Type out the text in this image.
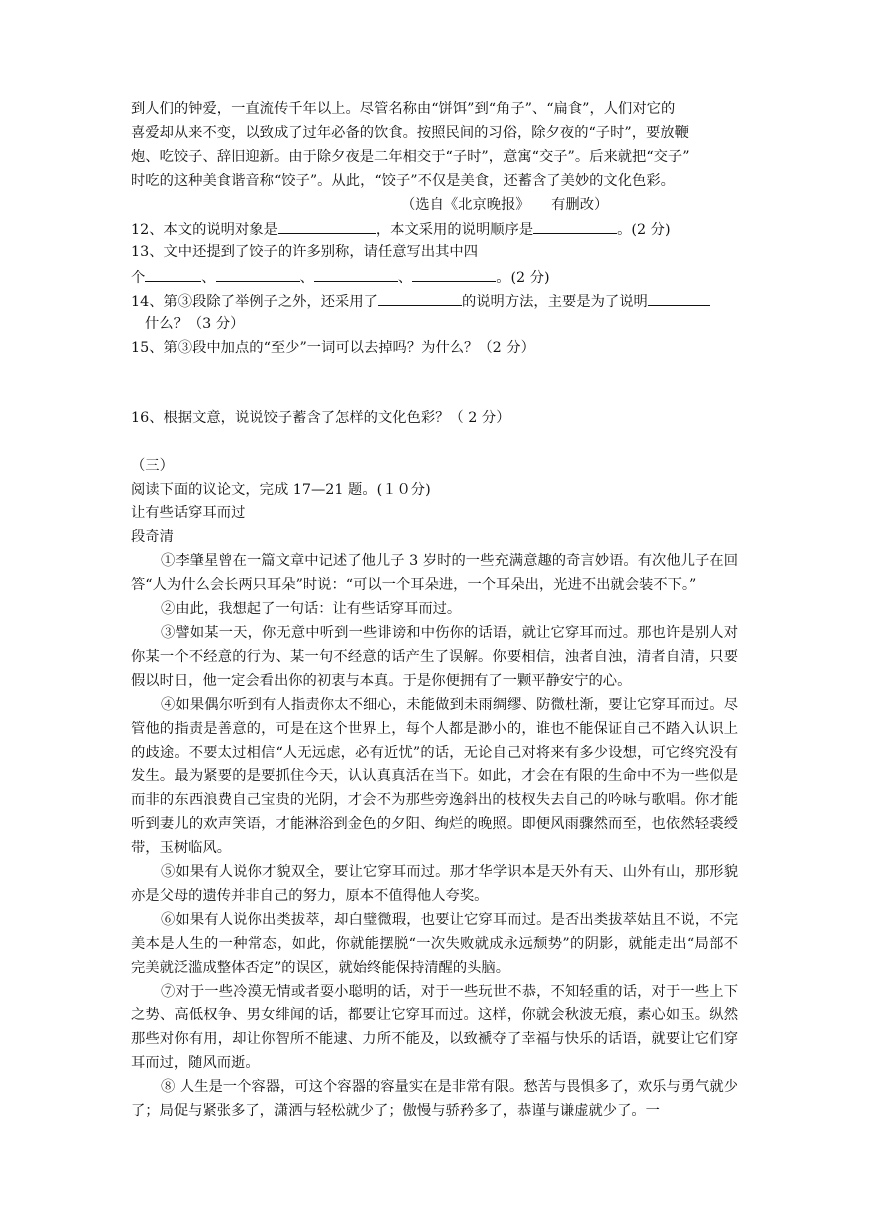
到人们的钟爱，一直流传千年以上。尽管名称由“饼饵”到“角子”、“扁食”，人们对它的
喜爱却从来不变，以致成了过年必备的饮食。按照民间的习俗，除夕夜的“子时”，要放鞭
炮、吃饺子、辞旧迎新。由于除夕夜是二年相交于“子时”，意寓“交子”。后来就把“交子”
时吃的这种美食谐音称“饺子”。从此，“饺子”不仅是美食，还蓄含了美妙的文化色彩。
（选自《北京晚报》　　有删改）
12、本文的说明对象是	，本文采用的说明顺序是	。(2 分)
13、文中还提到了饺子的许多别称，请任意写出其中四
个	、	、	、	。(2 分)
14、第③段除了举例子之外，还采用了	的说明方法，主要是为了说明
什么？（3 分）
15、第③段中加点的“至少”一词可以去掉吗？为什么？（2 分）
16、根据文意，说说饺子蓄含了怎样的文化色彩？（ 2 分）
（三）
阅读下面的议论文，完成 17—21 题。(１０分)
让有些话穿耳而过
段奇清

①李肇星曾在一篇文章中记述了他儿子 3 岁时的一些充满意趣的奇言妙语。有次他儿子在回答“人为什么会长两只耳朵”时说：“可以一个耳朵进，一个耳朵出，光进不出就会装不下。”

②由此，我想起了一句话：让有些话穿耳而过。

③譬如某一天，你无意中听到一些诽谤和中伤你的话语，就让它穿耳而过。那也许是别人对你某一个不经意的行为、某一句不经意的话产生了误解。你要相信，浊者自浊，清者自清，只要假以时日，他一定会看出你的初衷与本真。于是你便拥有了一颗平静安宁的心。

④如果偶尔听到有人指责你太不细心，未能做到未雨绸缪、防微杜渐，要让它穿耳而过。尽管他的指责是善意的，可是在这个世界上，每个人都是渺小的，谁也不能保证自己不踏入认识上的歧途。不要太过相信“人无远虑，必有近忧”的话，无论自己对将来有多少设想，可它终究没有发生。最为紧要的是要抓住今天，认认真真活在当下。如此，才会在有限的生命中不为一些似是而非的东西浪费自己宝贵的光阴，才会不为那些旁逸斜出的枝杈失去自己的吟咏与歌唱。你才能听到妻儿的欢声笑语，才能淋浴到金色的夕阳、绚烂的晚照。即便风雨骤然而至，也依然轻裘绶带，玉树临风。

⑤如果有人说你才貌双全，要让它穿耳而过。那才华学识本是天外有天、山外有山，那形貌亦是父母的遗传并非自己的努力，原本不值得他人夸奖。

⑥如果有人说你出类拔萃，却白璧微瑕，也要让它穿耳而过。是否出类拔萃姑且不说，不完美本是人生的一种常态，如此，你就能摆脱“一次失败就成永远颓势”的阴影，就能走出“局部不完美就泛滥成整体否定”的误区，就始终能保持清醒的头脑。

⑦对于一些冷漠无情或者耍小聪明的话，对于一些玩世不恭，不知轻重的话，对于一些上下之势、高低权争、男女绯闻的话，都要让它穿耳而过。这样，你就会秋波无痕，素心如玉。纵然那些对你有用，却让你智所不能逮、力所不能及，以致褫夺了幸福与快乐的话语，就要让它们穿耳而过，随风而逝。

⑧ 人生是一个容器，可这个容器的容量实在是非常有限。愁苦与畏惧多了，欢乐与勇气就少了；局促与紧张多了，潇洒与轻松就少了；傲慢与骄矜多了，恭谨与谦虚就少了。一
